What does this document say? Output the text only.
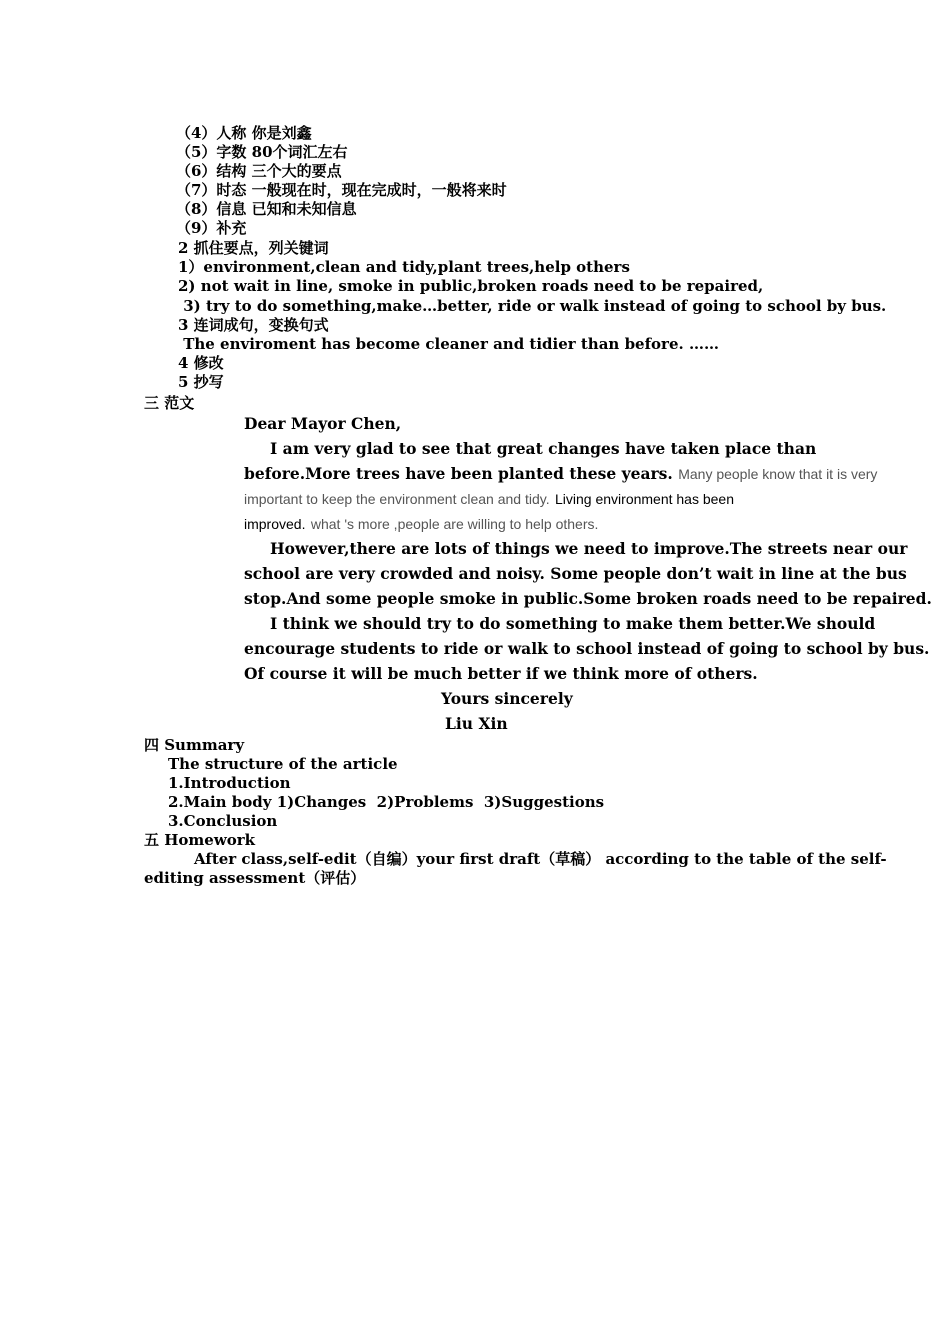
（4）人称 你是刘鑫
（5）字数 80个词汇左右
（6）结构 三个大的要点
（7）时态 一般现在时，现在完成时，一般将来时
（8）信息 已知和未知信息
（9）补充
2 抓住要点，列关键词
1）environment,clean and tidy,plant trees,help others
2) not wait in line, smoke in public,broken roads need to be repaired,
3) try to do something,make…better, ride or walk instead of going to school by bus.
3 连词成句，变换句式
The enviroment has become cleaner and tidier than before. ……
4 修改
5 抄写
三 范文
Dear Mayor Chen,
I am very glad to see that great changes have taken place than
before.More trees have been planted these years. Many people know that it is very
important to keep the environment clean and tidy. Living environment has been
improved. what 's more ,people are willing to help others.
However,there are lots of things we need to improve.The streets near our
school are very crowded and noisy. Some people don’t wait in line at the bus
stop.And some people smoke in public.Some broken roads need to be repaired.
I think we should try to do something to make them better.We should
encourage students to ride or walk to school instead of going to school by bus.
Of course it will be much better if we think more of others.
Yours sincerely
Liu Xin
四 Summary
The structure of the article
1.Introduction
2.Main body 1)Changes  2)Problems  3)Suggestions
3.Conclusion
五 Homework
After class,self-edit（自编）your first draft（草稿） according to the table of the self-
editing assessment（评估）
